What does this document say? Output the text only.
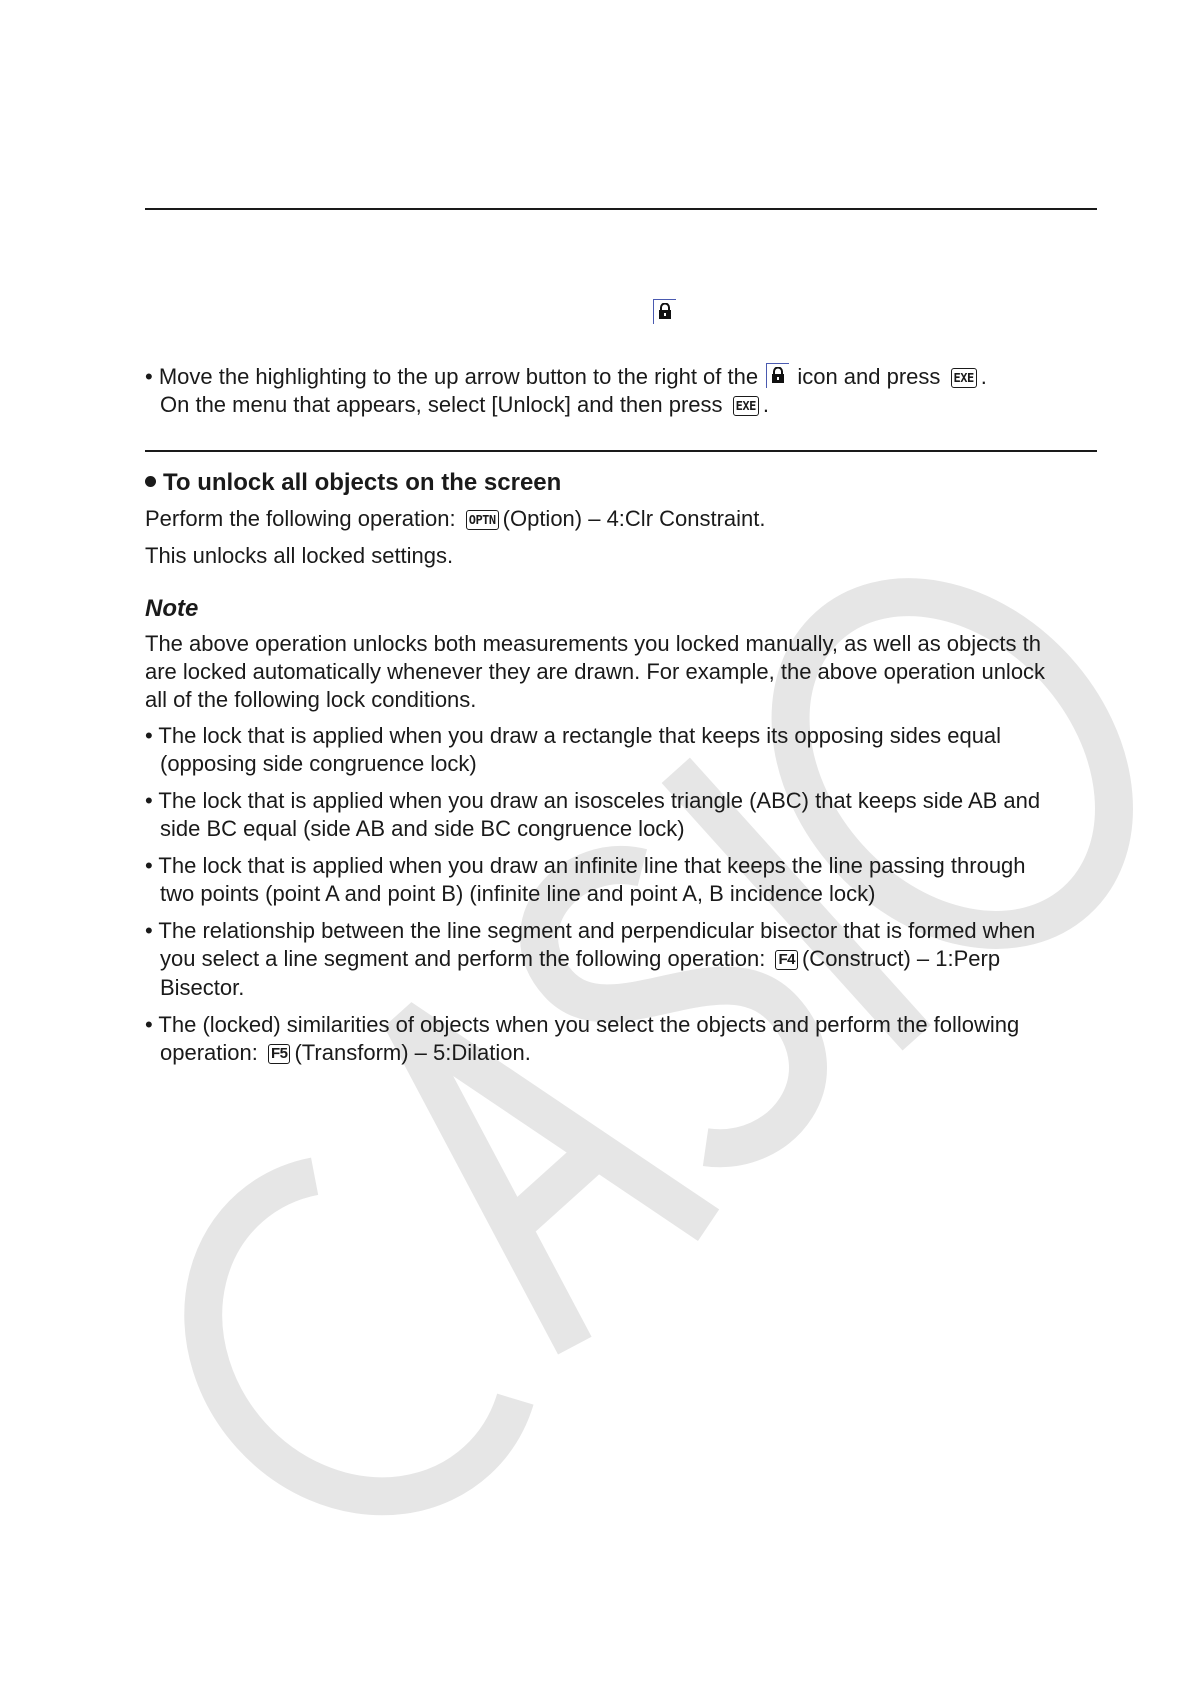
• Move the highlighting to the up arrow button to the right of the
icon and press EXE .
On the menu that appears, select [Unlock] and then press EXE .
To unlock all objects on the screen
Perform the following operation: OPTN (Option) – 4:Clr Constraint.
This unlocks all locked settings.
Note
The above operation unlocks both measurements you locked manually, as well as objects th
are locked automatically whenever they are drawn. For example, the above operation unlock
all of the following lock conditions.
• The lock that is applied when you draw a rectangle that keeps its opposing sides equal
(opposing side congruence lock)
• The lock that is applied when you draw an isosceles triangle (ABC) that keeps side AB and
side BC equal (side AB and side BC congruence lock)
• The lock that is applied when you draw an infinite line that keeps the line passing through
two points (point A and point B) (infinite line and point A, B incidence lock)
• The relationship between the line segment and perpendicular bisector that is formed when
you select a line segment and perform the following operation: F4 (Construct) – 1:Perp
Bisector.
• The (locked) similarities of objects when you select the objects and perform the following
operation: F5 (Transform) – 5:Dilation.
